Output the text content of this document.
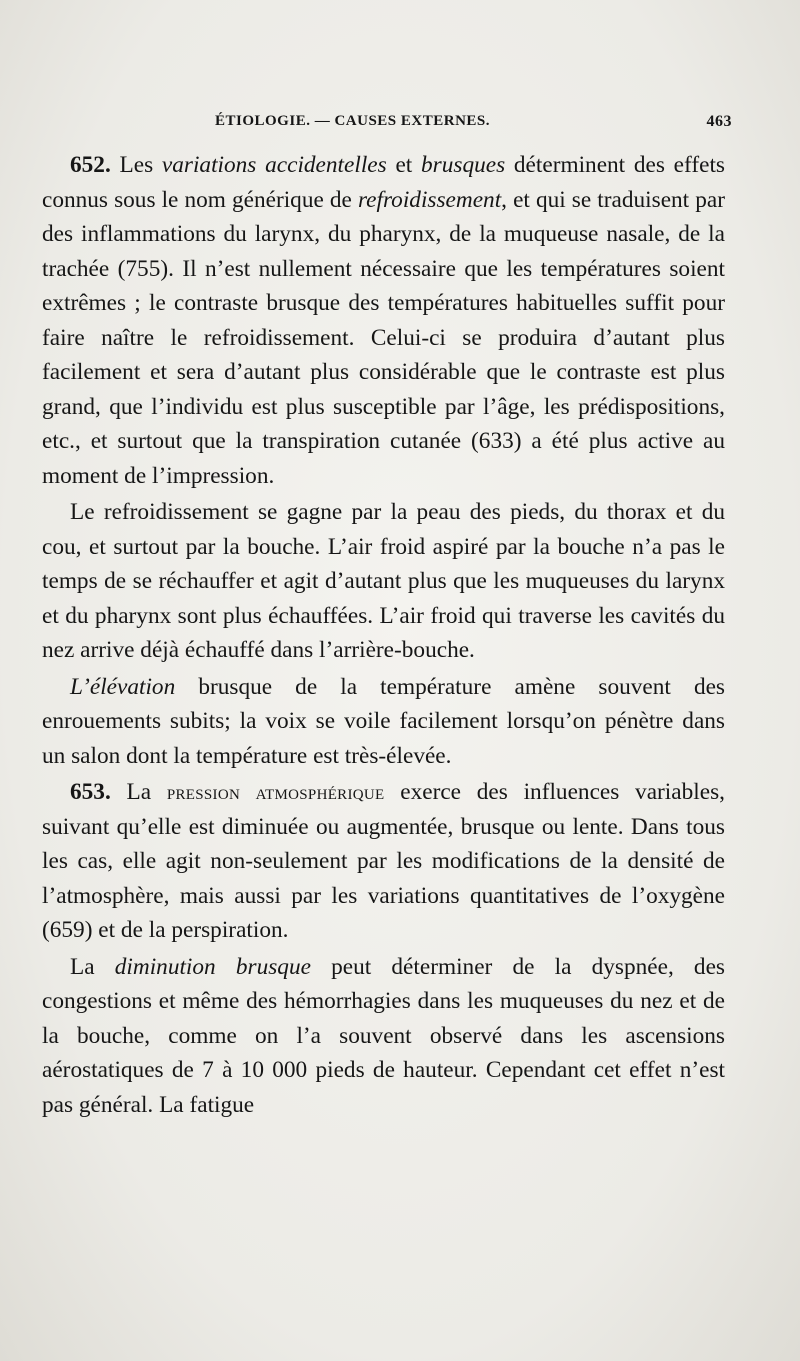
ÉTIOLOGIE. — CAUSES EXTERNES.	463

652. Les variations accidentelles et brusques déterminent des effets connus sous le nom générique de refroidissement, et qui se traduisent par des inflammations du larynx, du pharynx, de la muqueuse nasale, de la trachée (755). Il n’est nullement nécessaire que les températures soient extrêmes ; le contraste brusque des températures habituelles suffit pour faire naître le refroidissement. Celui-ci se produira d’autant plus facilement et sera d’autant plus considérable que le contraste est plus grand, que l’individu est plus susceptible par l’âge, les prédispositions, etc., et surtout que la transpiration cutanée (633) a été plus active au moment de l’impression.

Le refroidissement se gagne par la peau des pieds, du thorax et du cou, et surtout par la bouche. L’air froid aspiré par la bouche n’a pas le temps de se réchauffer et agit d’autant plus que les muqueuses du larynx et du pharynx sont plus échauffées. L’air froid qui traverse les cavités du nez arrive déjà échauffé dans l’arrière-bouche.

L’élévation brusque de la température amène souvent des enrouements subits; la voix se voile facilement lorsqu’on pénètre dans un salon dont la température est très-élevée.

653. La pression atmosphérique exerce des influences variables, suivant qu’elle est diminuée ou augmentée, brusque ou lente. Dans tous les cas, elle agit non-seulement par les modifications de la densité de l’atmosphère, mais aussi par les variations quantitatives de l’oxygène (659) et de la perspiration.

La diminution brusque peut déterminer de la dyspnée, des congestions et même des hémorrhagies dans les muqueuses du nez et de la bouche, comme on l’a souvent observé dans les ascensions aérostatiques de 7 à 10 000 pieds de hauteur. Cependant cet effet n’est pas général. La fatigue
